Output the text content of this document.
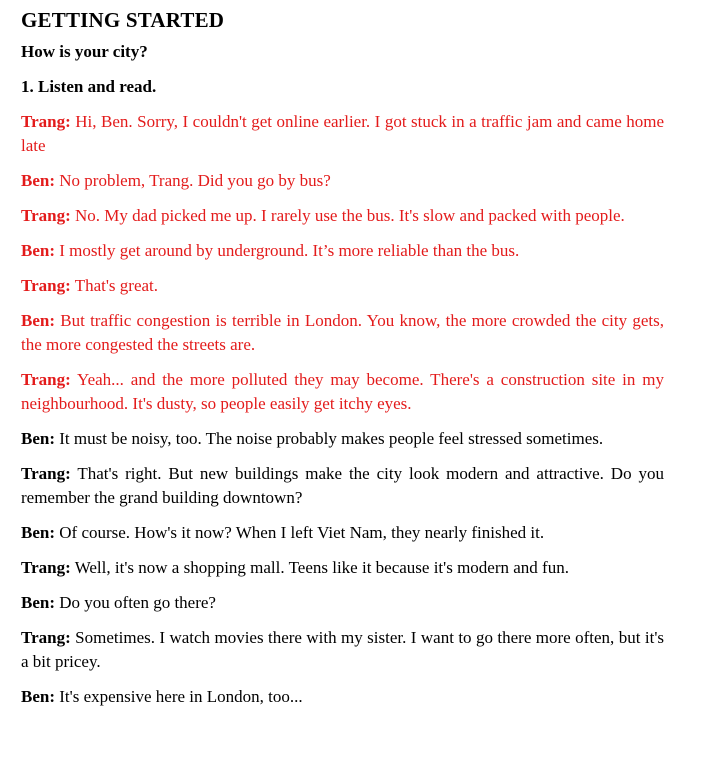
GETTING STARTED
How is your city?
1. Listen and read.
Trang: Hi, Ben. Sorry, I couldn't get online earlier. I got stuck in a traffic jam and came home late
Ben: No problem, Trang. Did you go by bus?
Trang: No. My dad picked me up. I rarely use the bus. It's slow and packed with people.
Ben: I mostly get around by underground. It’s more reliable than the bus.
Trang: That's great.
Ben: But traffic congestion is terrible in London. You know, the more crowded the city gets, the more congested the streets are.
Trang: Yeah... and the more polluted they may become. There's a construction site in my neighbourhood. It's dusty, so people easily get itchy eyes.
Ben: It must be noisy, too. The noise probably makes people feel stressed sometimes.
Trang: That's right. But new buildings make the city look modern and attractive. Do you remember the grand building downtown?
Ben: Of course. How's it now? When I left Viet Nam, they nearly finished it.
Trang: Well, it's now a shopping mall. Teens like it because it's modern and fun.
Ben: Do you often go there?
Trang: Sometimes. I watch movies there with my sister. I want to go there more often, but it's a bit pricey.
Ben: It's expensive here in London, too...
